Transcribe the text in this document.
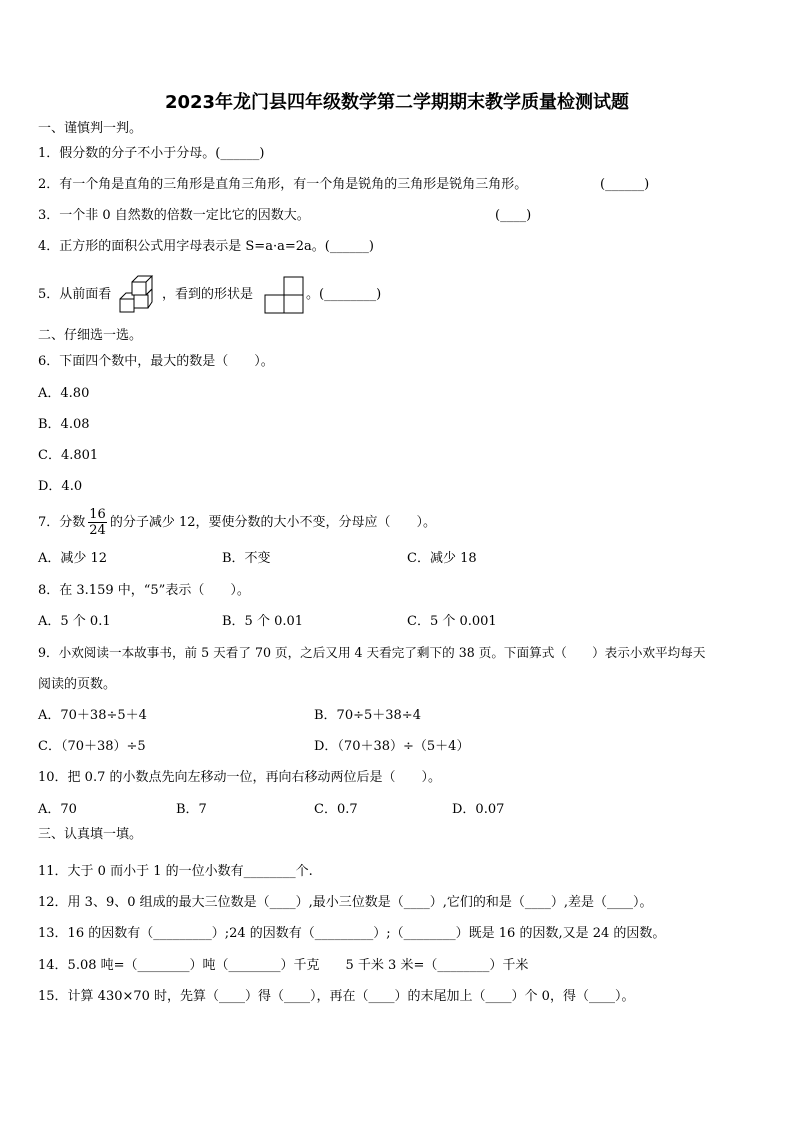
2023年龙门县四年级数学第二学期期末教学质量检测试题
一、谨慎判一判。
1．假分数的分子不小于分母。(______)
2．有一个角是直角的三角形是直角三角形，有一个角是锐角的三角形是锐角三角形。	(______)
3．一个非 0 自然数的倍数一定比它的因数大。	(____)
4．正方形的面积公式用字母表示是 S=a·a=2a。(______)
5．从前面看	，看到的形状是	。(________)
二、仔细选一选。
6．下面四个数中，最大的数是（　　）。
A．4.80
B．4.08
C．4.801
D．4.0
7．分数 $\frac{16}{24}$ 的分子减少 12，要使分数的大小不变，分母应（　　）。
A．减少 12	B．不变	C．减少 18
8．在 3.159 中，“5”表示（　　）。
A．5 个 0.1	B．5 个 0.01	C．5 个 0.001
9．小欢阅读一本故事书，前 5 天看了 70 页，之后又用 4 天看完了剩下的 38 页。下面算式（　　）表示小欢平均每天
阅读的页数。
A．70＋38÷5＋4	B．70÷5＋38÷4
C．（70＋38）÷5	D．（70＋38）÷（5＋4）
10．把 0.7 的小数点先向左移动一位，再向右移动两位后是（　　）。
A．70	B．7	C．0.7	D．0.07
三、认真填一填。
11．大于 0 而小于 1 的一位小数有________个.
12．用 3、9、0 组成的最大三位数是（____）,最小三位数是（____）,它们的和是（____）,差是（____）。
13．16 的因数有（_________）;24 的因数有（_________）;（________）既是 16 的因数,又是 24 的因数。
14．5.08 吨=（________）吨（________）千克　　5 千米 3 米=（________）千米
15．计算 430×70 时，先算（____）得（____），再在（____）的末尾加上（____）个 0，得（____）。
